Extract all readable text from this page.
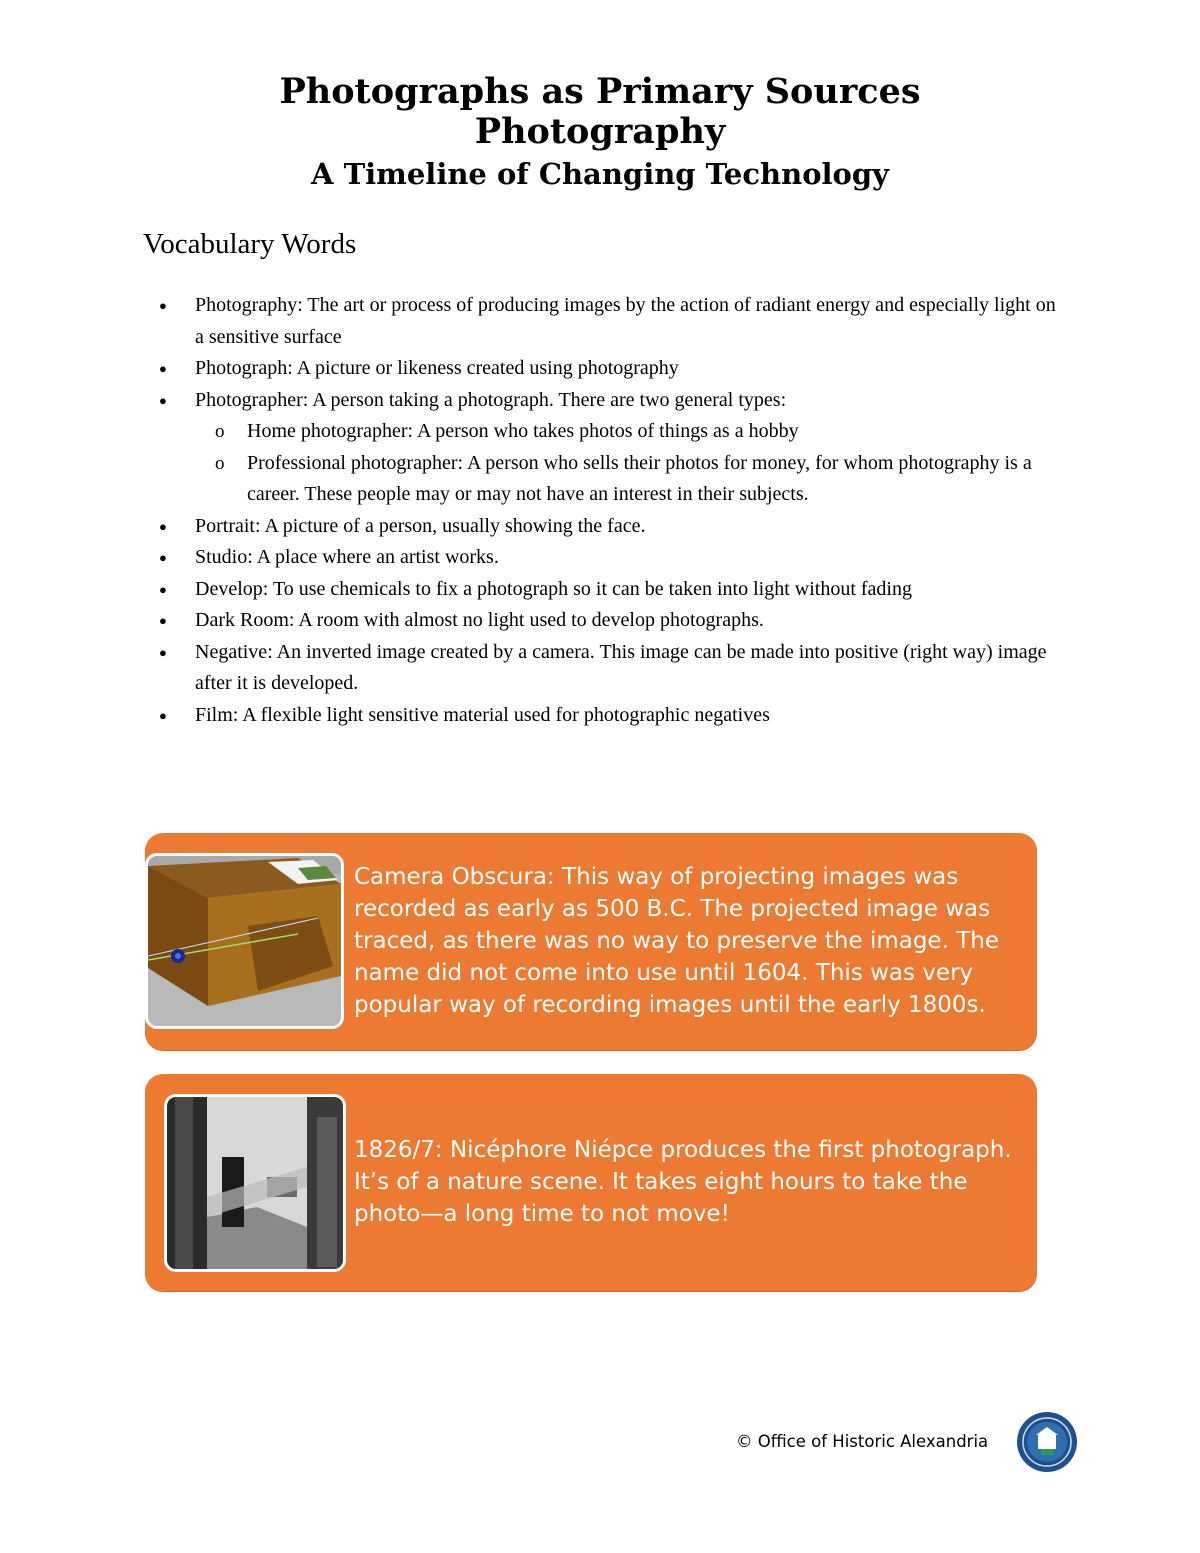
Photographs as Primary Sources
Photography
A Timeline of Changing Technology
Vocabulary Words
● Photography: The art or process of producing images by the action of radiant energy and especially light on a sensitive surface
● Photograph: A picture or likeness created using photography
● Photographer: A person taking a photograph. There are two general types:
o Home photographer: A person who takes photos of things as a hobby
o Professional photographer: A person who sells their photos for money, for whom photography is a career. These people may or may not have an interest in their subjects.
● Portrait: A picture of a person, usually showing the face.
● Studio: A place where an artist works.
● Develop: To use chemicals to fix a photograph so it can be taken into light without fading
● Dark Room: A room with almost no light used to develop photographs.
● Negative: An inverted image created by a camera. This image can be made into positive (right way) image after it is developed.
● Film: A flexible light sensitive material used for photographic negatives
Camera Obscura: This way of projecting images was recorded as early as 500 B.C. The projected image was traced, as there was no way to preserve the image. The name did not come into use until 1604. This was very popular way of recording images until the early 1800s.
1826/7: Nicéphore Niépce produces the first photograph. It’s of a nature scene. It takes eight hours to take the photo—a long time to not move!
© Office of Historic Alexandria
